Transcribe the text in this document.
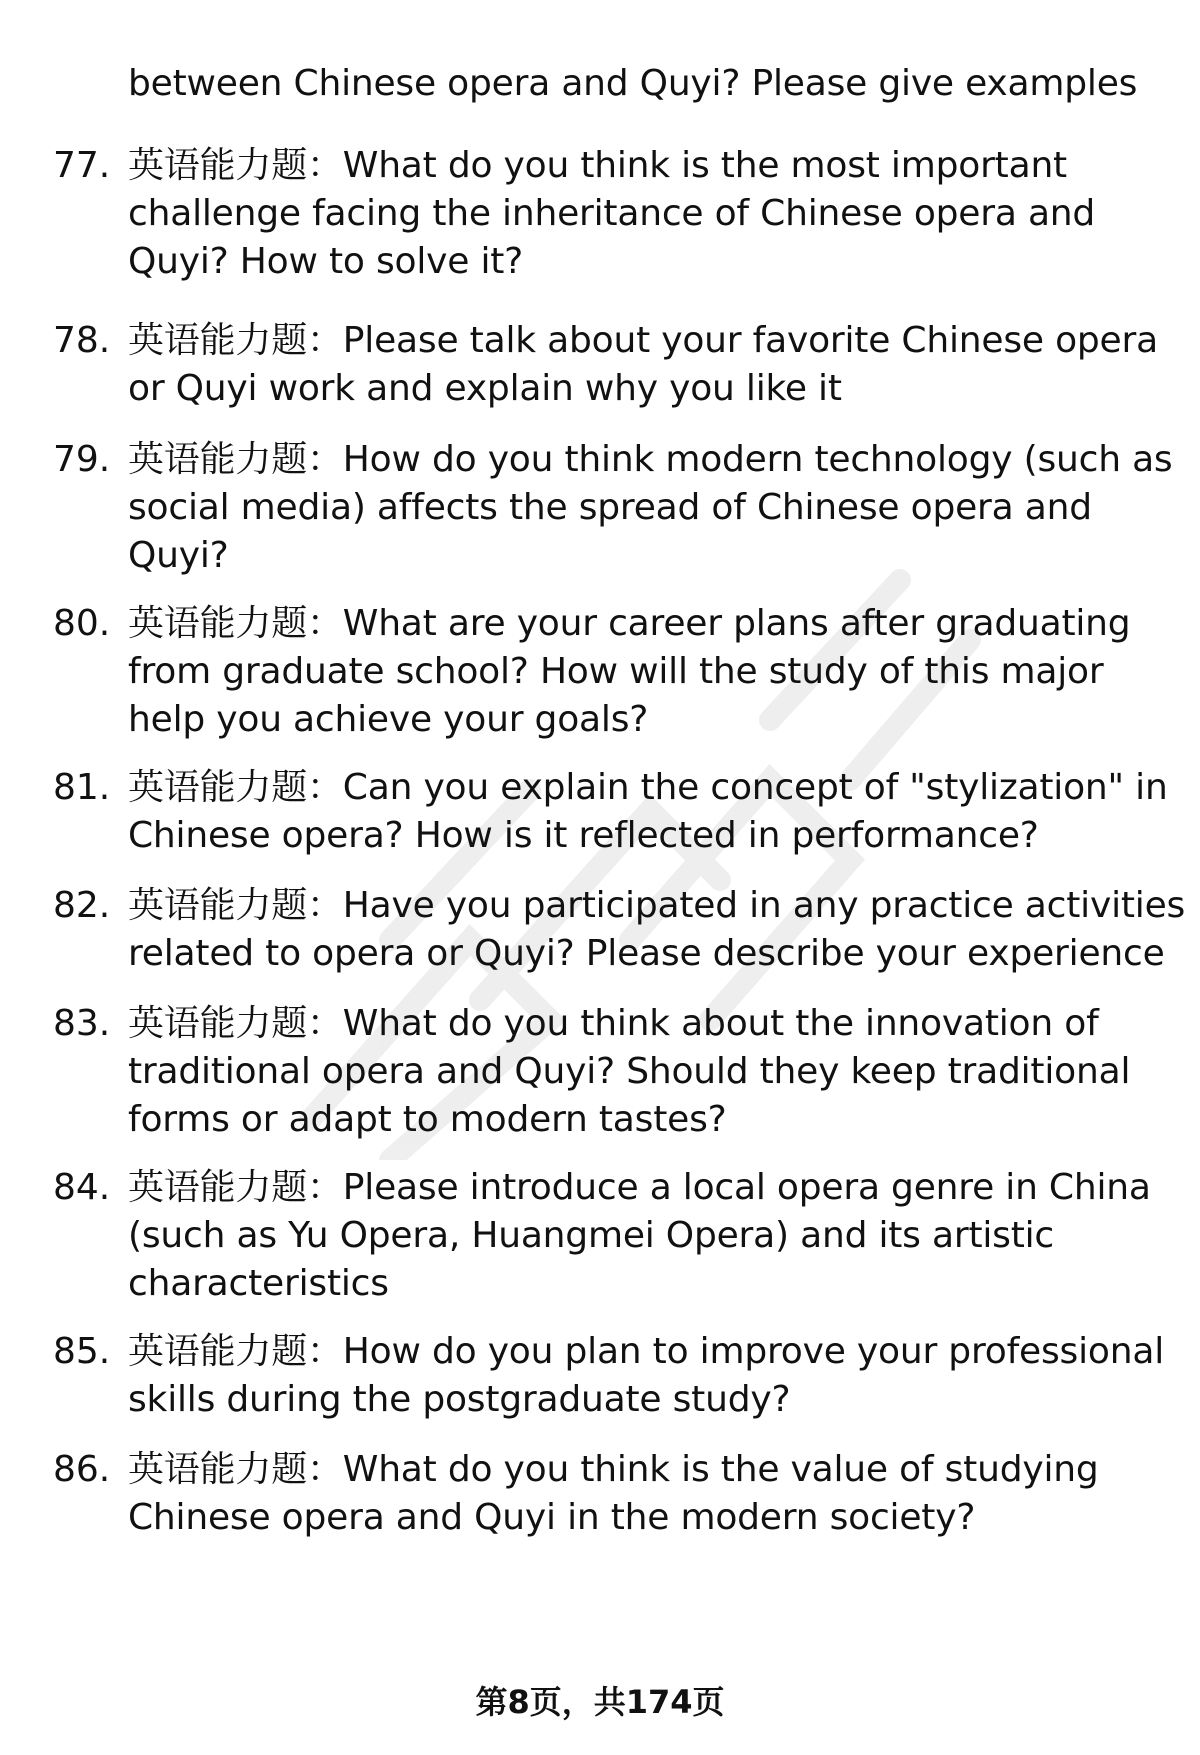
between Chinese opera and Quyi? Please give examples
77. 英语能力题：What do you think is the most important
challenge facing the inheritance of Chinese opera and
Quyi? How to solve it?
78. 英语能力题：Please talk about your favorite Chinese opera
or Quyi work and explain why you like it
79. 英语能力题：How do you think modern technology (such as
social media) affects the spread of Chinese opera and
Quyi?
80. 英语能力题：What are your career plans after graduating
from graduate school? How will the study of this major
help you achieve your goals?
81. 英语能力题：Can you explain the concept of "stylization" in
Chinese opera? How is it reflected in performance?
82. 英语能力题：Have you participated in any practice activities
related to opera or Quyi? Please describe your experience
83. 英语能力题：What do you think about the innovation of
traditional opera and Quyi? Should they keep traditional
forms or adapt to modern tastes?
84. 英语能力题：Please introduce a local opera genre in China
(such as Yu Opera, Huangmei Opera) and its artistic
characteristics
85. 英语能力题：How do you plan to improve your professional
skills during the postgraduate study?
86. 英语能力题：What do you think is the value of studying
Chinese opera and Quyi in the modern society?
第8页，共174页
